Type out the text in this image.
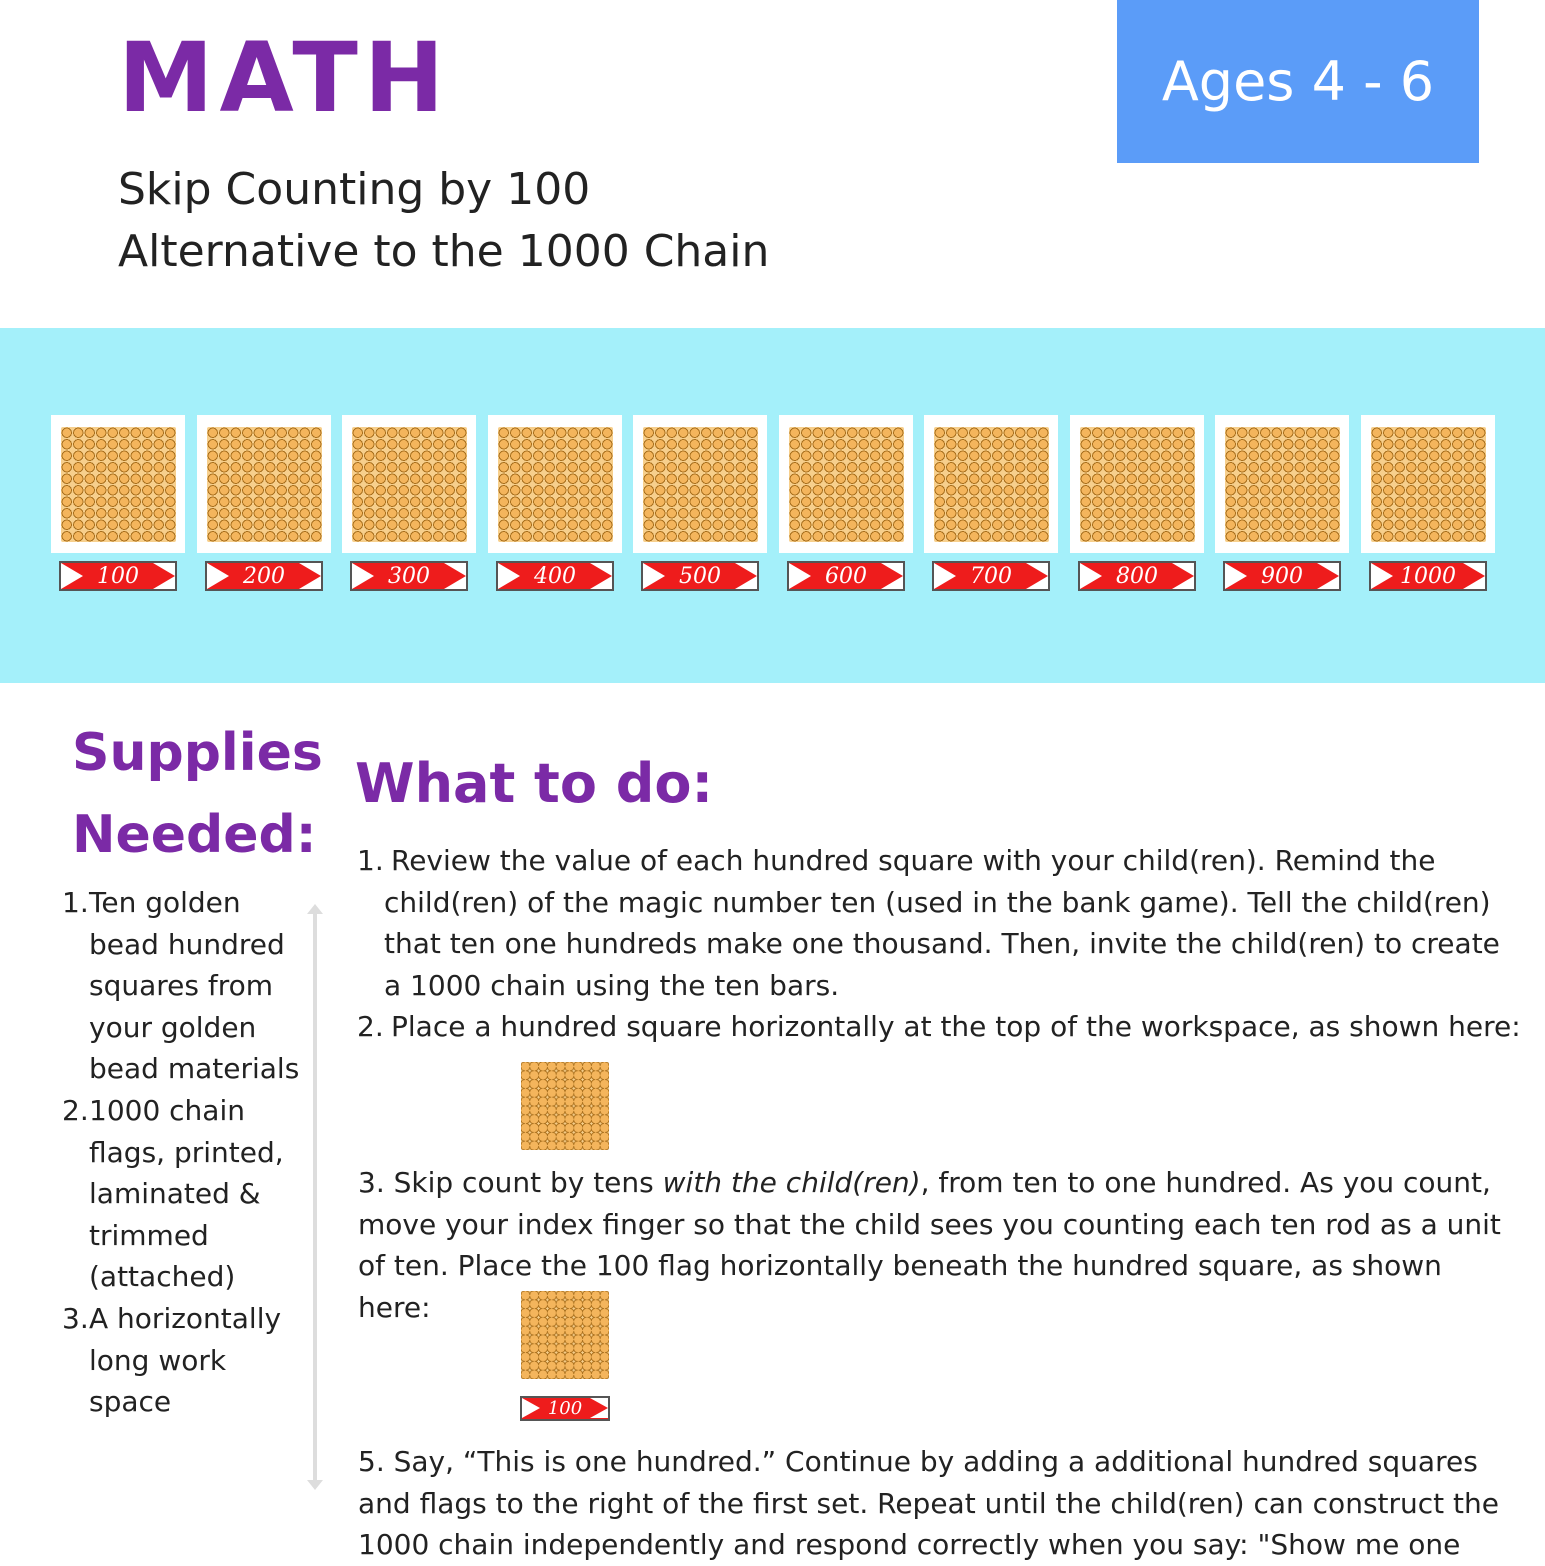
MATH	Ages 4 - 6
Skip Counting by 100
Alternative to the 1000 Chain
100	200	300	400	500	600	700	800	900	1000
Supplies
Needed:
1. Ten golden bead hundred squares from your golden bead materials
2. 1000 chain flags, printed, laminated & trimmed (attached)
3. A horizontally long work space
What to do:

1. Review the value of each hundred square with your child(ren). Remind the
child(ren) of the magic number ten (used in the bank game). Tell the child(ren) that ten one hundreds make one thousand. Then, invite the child(ren) to create a 1000 chain using the ten bars.

2. Place a hundred square horizontally at the top of the workspace, as shown here:

3. Skip count by tens with the child(ren), from ten to one hundred. As you count, move your index finger so that the child sees you counting each ten rod as a unit of ten. Place the 100 flag horizontally beneath the hundred square, as shown here:

100

5. Say, “This is one hundred.” Continue by adding a additional hundred squares and flags to the right of the first set. Repeat until the child(ren) can construct the 1000 chain independently and respond correctly when you say: "Show me one
